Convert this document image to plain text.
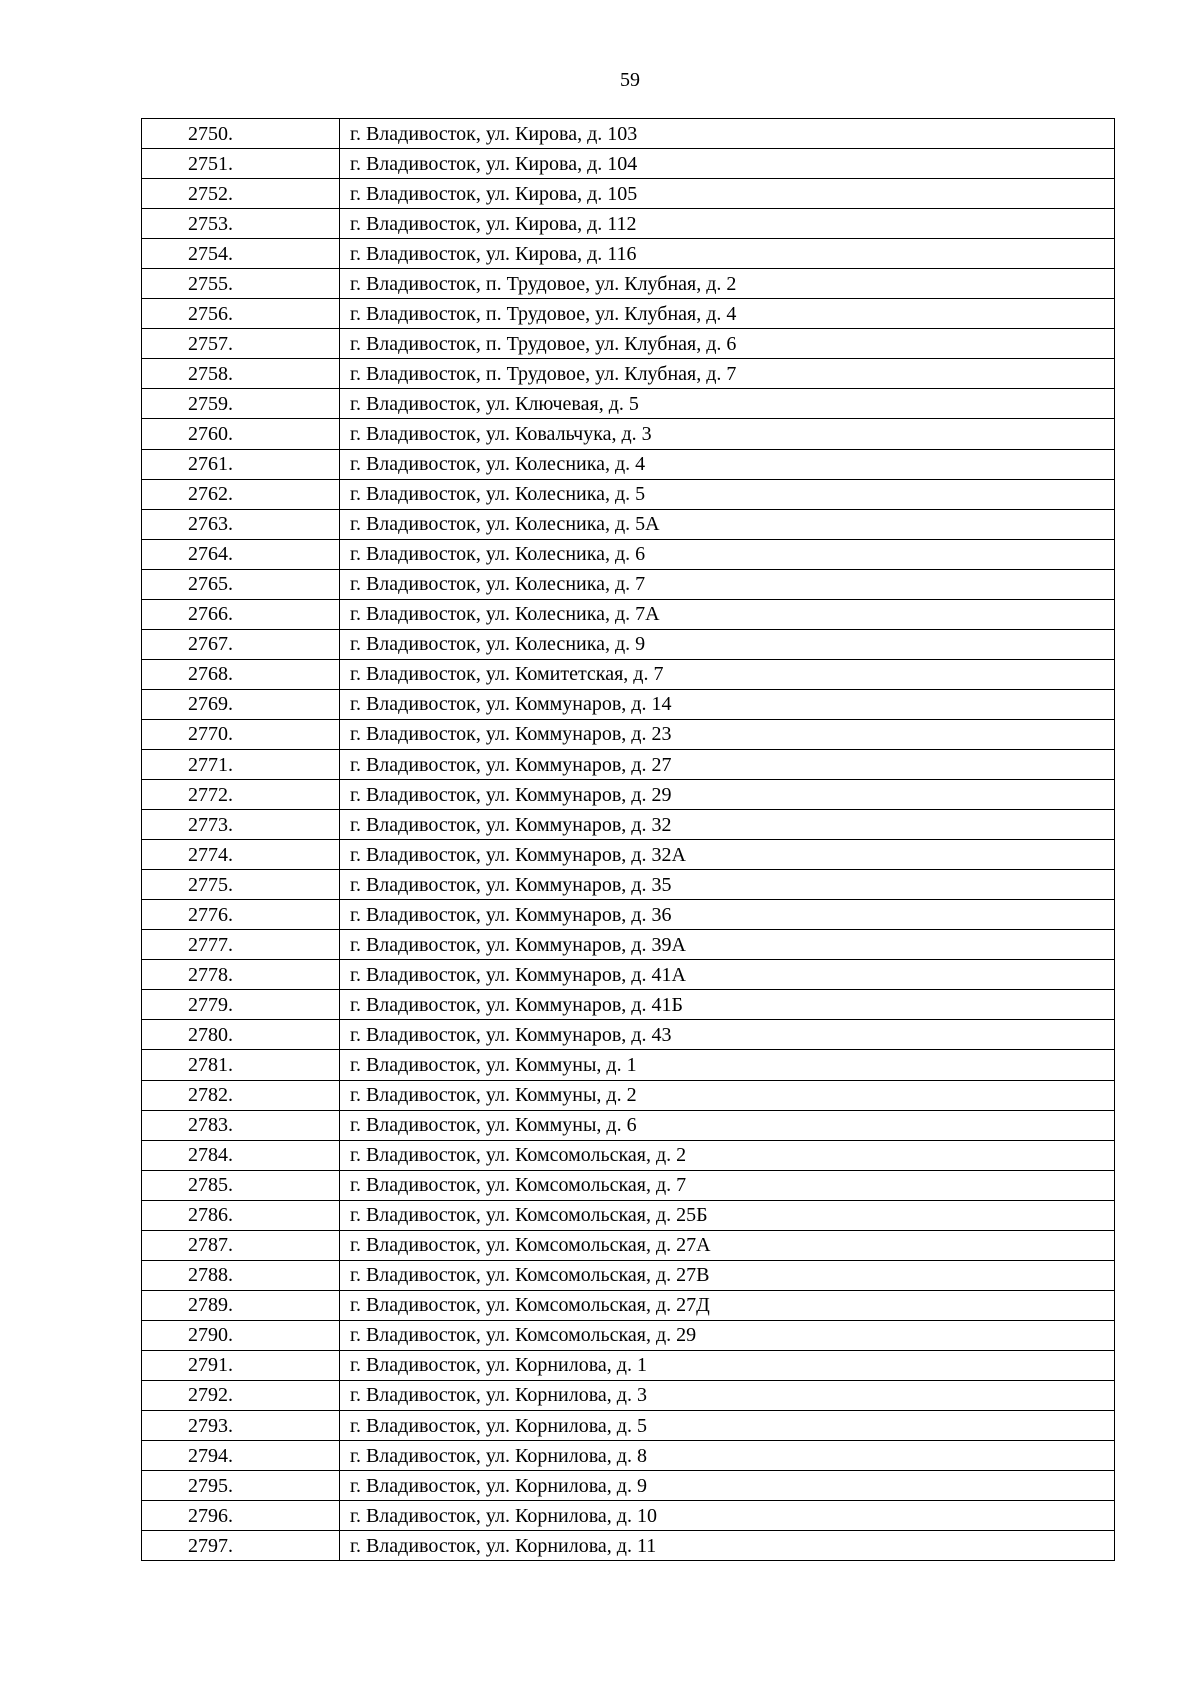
59
2750.	г. Владивосток, ул. Кирова, д. 103
2751.	г. Владивосток, ул. Кирова, д. 104
2752.	г. Владивосток, ул. Кирова, д. 105
2753.	г. Владивосток, ул. Кирова, д. 112
2754.	г. Владивосток, ул. Кирова, д. 116
2755.	г. Владивосток, п. Трудовое, ул. Клубная, д. 2
2756.	г. Владивосток, п. Трудовое, ул. Клубная, д. 4
2757.	г. Владивосток, п. Трудовое, ул. Клубная, д. 6
2758.	г. Владивосток, п. Трудовое, ул. Клубная, д. 7
2759.	г. Владивосток, ул. Ключевая, д. 5
2760.	г. Владивосток, ул. Ковальчука, д. 3
2761.	г. Владивосток, ул. Колесника, д. 4
2762.	г. Владивосток, ул. Колесника, д. 5
2763.	г. Владивосток, ул. Колесника, д. 5А
2764.	г. Владивосток, ул. Колесника, д. 6
2765.	г. Владивосток, ул. Колесника, д. 7
2766.	г. Владивосток, ул. Колесника, д. 7А
2767.	г. Владивосток, ул. Колесника, д. 9
2768.	г. Владивосток, ул. Комитетская, д. 7
2769.	г. Владивосток, ул. Коммунаров, д. 14
2770.	г. Владивосток, ул. Коммунаров, д. 23
2771.	г. Владивосток, ул. Коммунаров, д. 27
2772.	г. Владивосток, ул. Коммунаров, д. 29
2773.	г. Владивосток, ул. Коммунаров, д. 32
2774.	г. Владивосток, ул. Коммунаров, д. 32А
2775.	г. Владивосток, ул. Коммунаров, д. 35
2776.	г. Владивосток, ул. Коммунаров, д. 36
2777.	г. Владивосток, ул. Коммунаров, д. 39А
2778.	г. Владивосток, ул. Коммунаров, д. 41А
2779.	г. Владивосток, ул. Коммунаров, д. 41Б
2780.	г. Владивосток, ул. Коммунаров, д. 43
2781.	г. Владивосток, ул. Коммуны, д. 1
2782.	г. Владивосток, ул. Коммуны, д. 2
2783.	г. Владивосток, ул. Коммуны, д. 6
2784.	г. Владивосток, ул. Комсомольская, д. 2
2785.	г. Владивосток, ул. Комсомольская, д. 7
2786.	г. Владивосток, ул. Комсомольская, д. 25Б
2787.	г. Владивосток, ул. Комсомольская, д. 27А
2788.	г. Владивосток, ул. Комсомольская, д. 27В
2789.	г. Владивосток, ул. Комсомольская, д. 27Д
2790.	г. Владивосток, ул. Комсомольская, д. 29
2791.	г. Владивосток, ул. Корнилова, д. 1
2792.	г. Владивосток, ул. Корнилова, д. 3
2793.	г. Владивосток, ул. Корнилова, д. 5
2794.	г. Владивосток, ул. Корнилова, д. 8
2795.	г. Владивосток, ул. Корнилова, д. 9
2796.	г. Владивосток, ул. Корнилова, д. 10
2797.	г. Владивосток, ул. Корнилова, д. 11
